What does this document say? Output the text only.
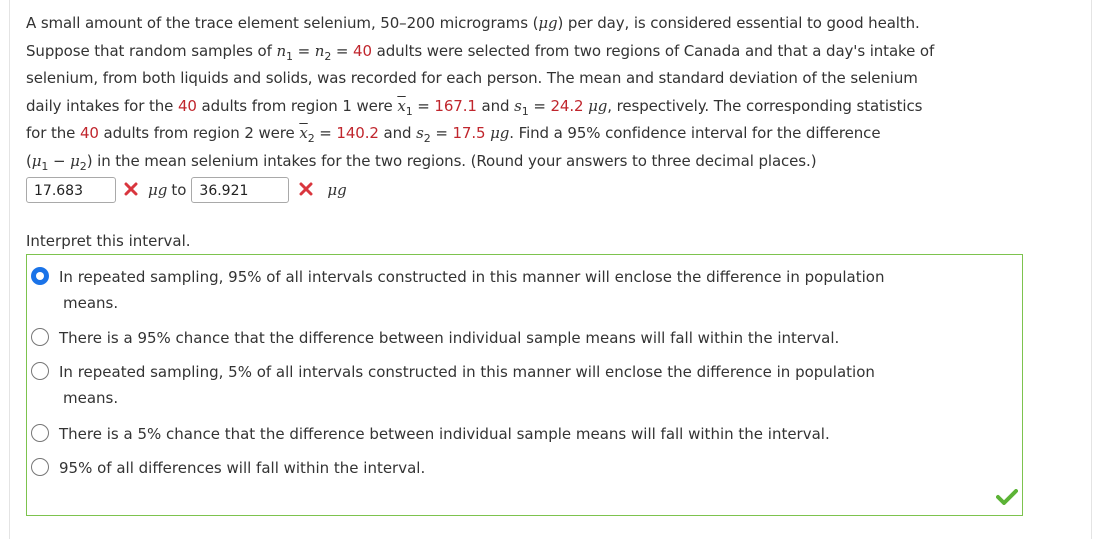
A small amount of the trace element selenium, 50–200 micrograms (μg) per day, is considered essential to good health.
Suppose that random samples of $n_1 = n_2 = 40$ adults were selected from two regions of Canada and that a day's intake of
selenium, from both liquids and solids, was recorded for each person. The mean and standard deviation of the selenium
daily intakes for the 40 adults from region 1 were $\overline{x}_1 = 167.1$ and $s_1 = 24.2$ μg, respectively. The corresponding statistics
for the 40 adults from region 2 were $\overline{x}_2 = 140.2$ and $s_2 = 17.5$ μg. Find a 95% confidence interval for the difference
$(\mu_1 - \mu_2)$ in the mean selenium intakes for the two regions. (Round your answers to three decimal places.)
17.683	μg to 36.921	μg
Interpret this interval.
In repeated sampling, 95% of all intervals constructed in this manner will enclose the difference in population
means.
There is a 95% chance that the difference between individual sample means will fall within the interval.
In repeated sampling, 5% of all intervals constructed in this manner will enclose the difference in population
means.
There is a 5% chance that the difference between individual sample means will fall within the interval.
95% of all differences will fall within the interval.
